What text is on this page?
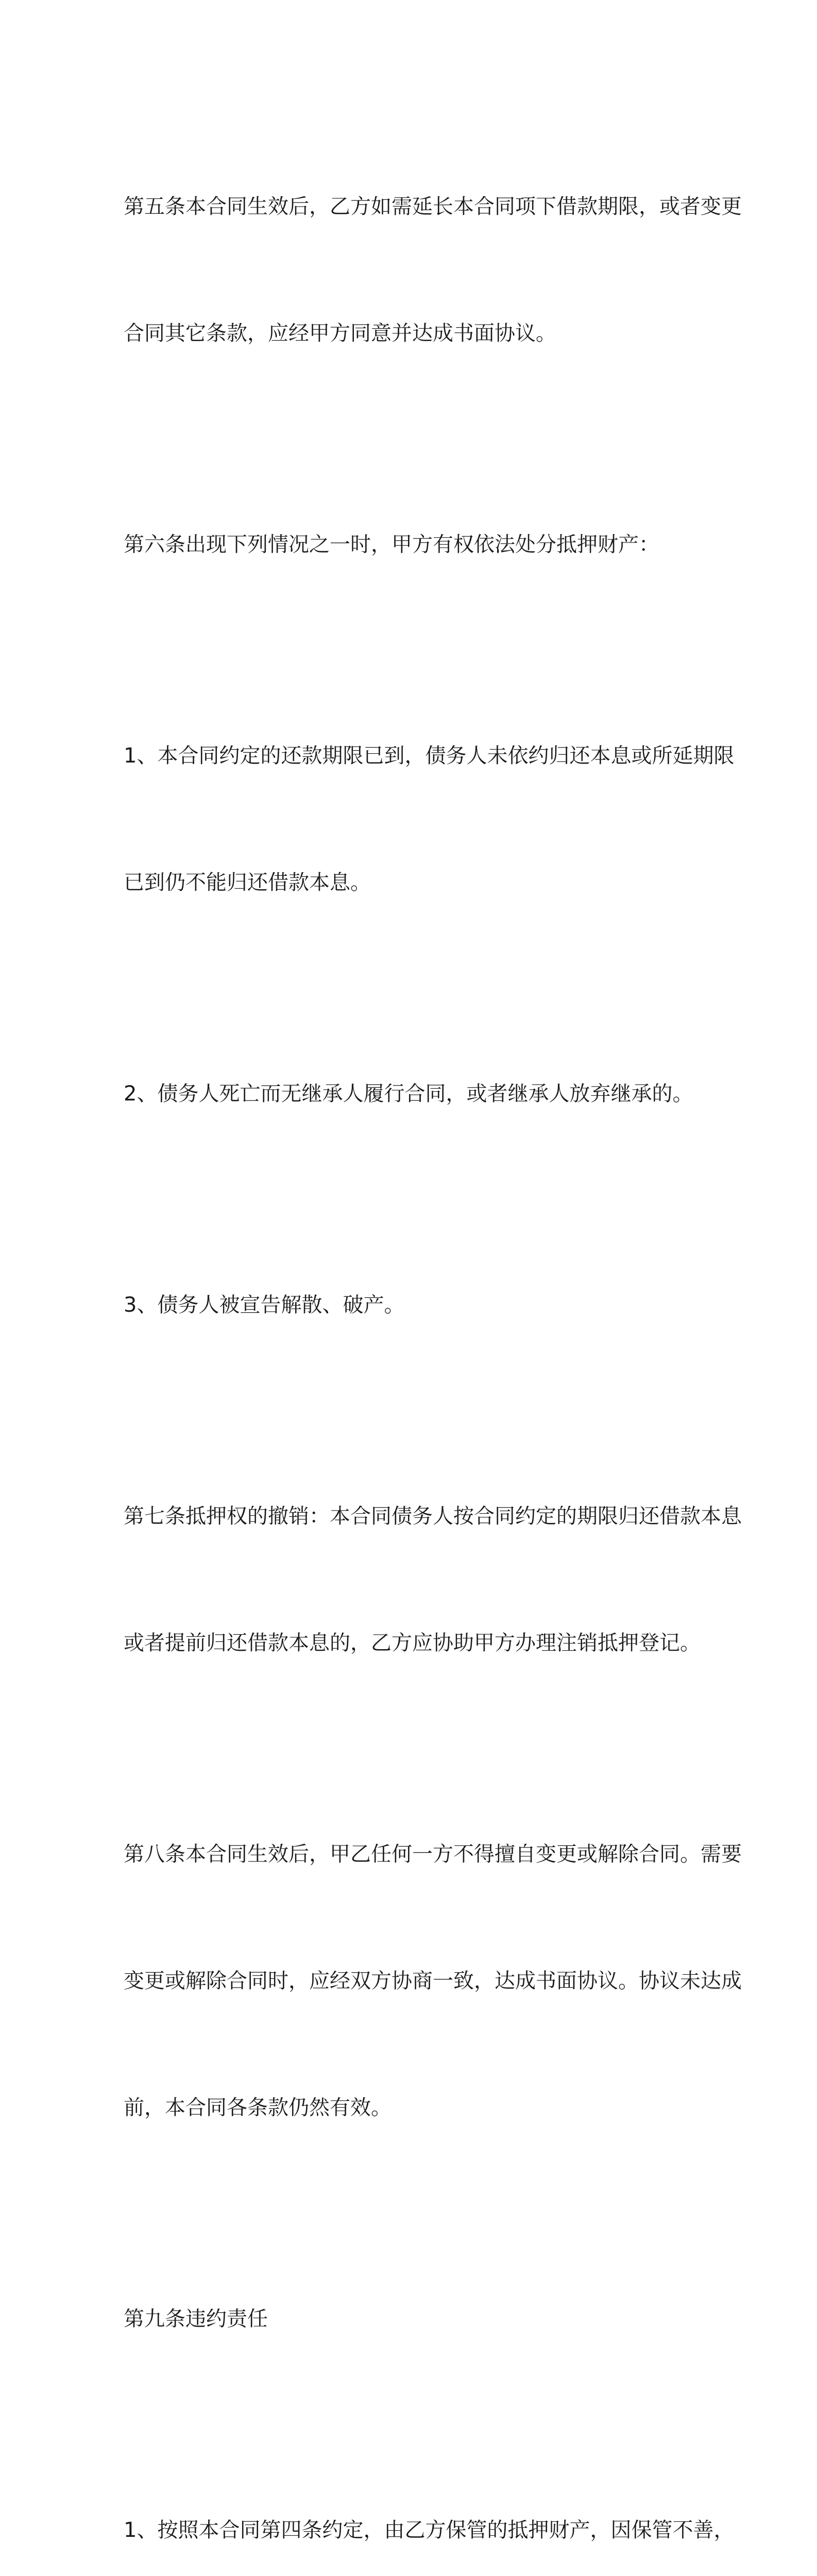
第五条本合同生效后，乙方如需延长本合同项下借款期限，或者变更

合同其它条款，应经甲方同意并达成书面协议。

第六条出现下列情况之一时，甲方有权依法处分抵押财产：

1、本合同约定的还款期限已到，债务人未依约归还本息或所延期限

已到仍不能归还借款本息。

2、债务人死亡而无继承人履行合同，或者继承人放弃继承的。

3、债务人被宣告解散、破产。

第七条抵押权的撤销：本合同债务人按合同约定的期限归还借款本息

或者提前归还借款本息的，乙方应协助甲方办理注销抵押登记。

第八条本合同生效后，甲乙任何一方不得擅自变更或解除合同。需要

变更或解除合同时，应经双方协商一致，达成书面协议。协议未达成

前，本合同各条款仍然有效。

第九条违约责任

1、按照本合同第四条约定，由乙方保管的抵押财产，因保管不善，
